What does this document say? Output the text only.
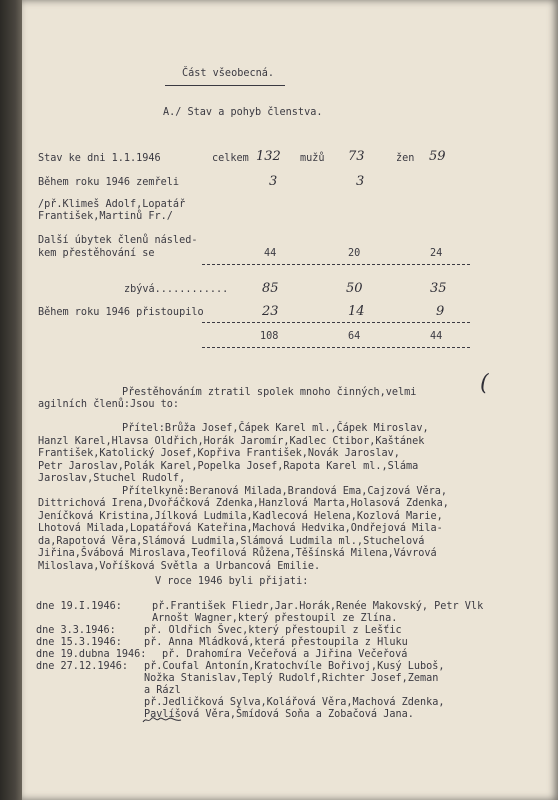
Část všeobecná.
A./ Stav a pohyb členstva.
Stav ke dni 1.1.1946	celkem 132 mužů 73	žen 59
Během roku 1946 zemřeli	3	3
/př.Klimeš Adolf,Lopatář
František,Martinů Fr./
Další úbytek členů násled-
kem přestěhování se	44	20	24
zbývá............	85	50	35
Během roku 1946 přistoupilo	23	14	9
108	64	44
Přestěhováním ztratil spolek mnoho činných,velmi
agilních členů:Jsou to:
(
Přítel:Brůža Josef,Čápek Karel ml.,Čápek Miroslav,
Hanzl Karel,Hlavsa Oldřich,Horák Jaromír,Kadlec Ctibor,Kaštánek
František,Katolický Josef,Kopřiva František,Novák Jaroslav,
Petr Jaroslav,Polák Karel,Popelka Josef,Rapota Karel ml.,Sláma
Jaroslav,Stuchel Rudolf,
Přítelkyně:Beranová Milada,Brandová Ema,Cajzová Věra,
Dittrichová Irena,Dvořáčková Zdenka,Hanzlová Marta,Holasová Zdenka,
Jeníčková Kristina,Jílková Ludmila,Kadlecová Helena,Kozlová Marie,
Lhotová Milada,Lopatářová Kateřina,Machová Hedvika,Ondřejová Mila-
da,Rapotová Věra,Slámová Ludmila,Slámová Ludmila ml.,Stuchelová
Jiřina,Švábová Miroslava,Teofilová Růžena,Těšínská Milena,Vávrová
Miloslava,Voříšková Světla a Urbancová Emilie.
V roce 1946 byli přijati:
dne 19.I.1946:	př.František Fliedr,Jar.Horák,Renée Makovský, Petr Vlk
Arnošt Wagner,který přestoupil ze Zlína.
dne 3.3.1946:	př. Oldřich Švec,který přestoupil z Lešťic
dne 15.3.1946: př. Anna Mládková,která přestoupila z Hluku
dne 19.dubna 1946: př. Drahomíra Večeřová a Jiřina Večeřová
dne 27.12.1946: př.Coufal Antonín,Kratochvíle Bořivoj,Kusý Luboš,
Nožka Stanislav,Teplý Rudolf,Richter Josef,Zeman
a Rázl
př.Jedličková Sylva,Kolářová Věra,Machová Zdenka,
Pavlíšová Věra,Šmídová Soňa a Zobačová Jana.
